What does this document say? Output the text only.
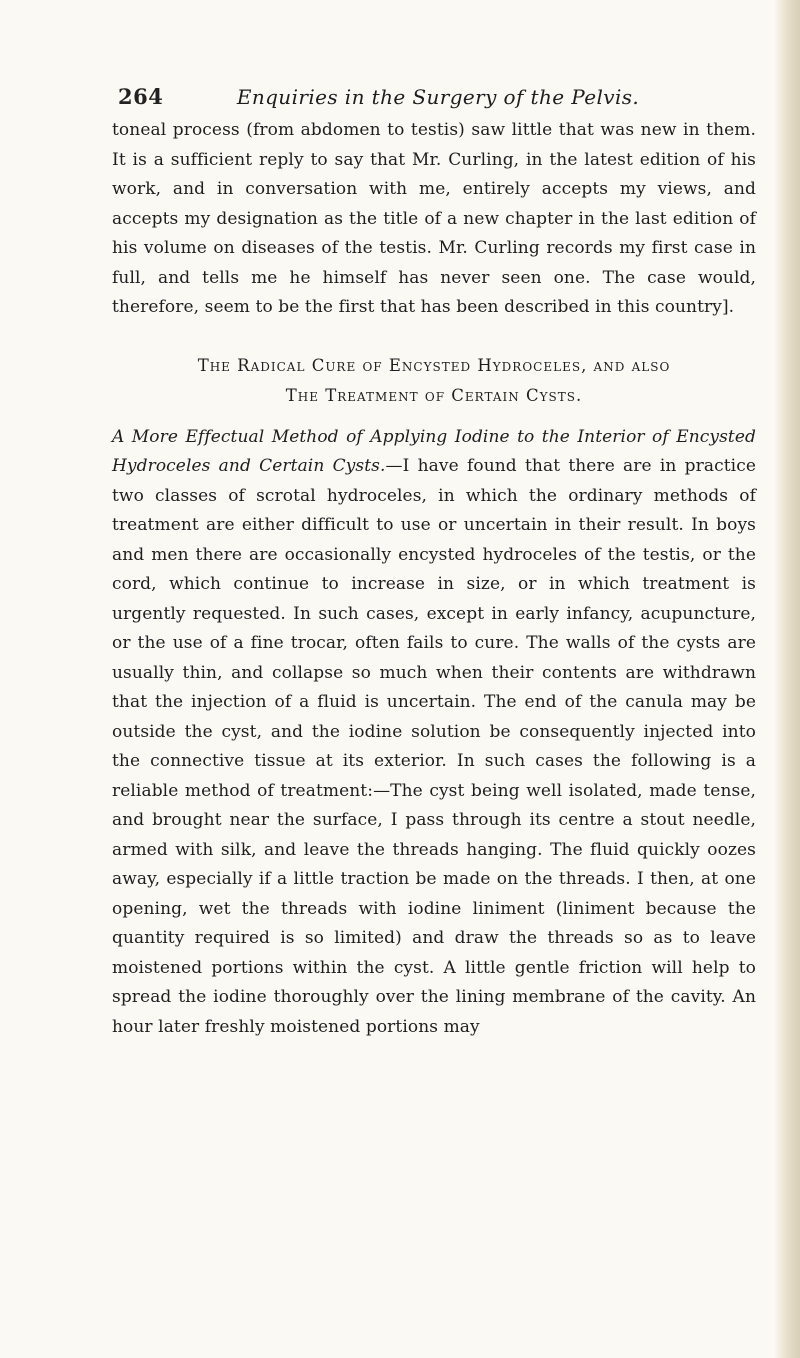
264	Enquiries in the Surgery of the Pelvis.

toneal process (from abdomen to testis) saw little that was new in them. It is a sufficient reply to say that Mr. Curling, in the latest edition of his work, and in conversation with me, entirely accepts my views, and accepts my designation as the title of a new chapter in the last edition of his volume on diseases of the testis. Mr. Curling records my first case in full, and tells me he himself has never seen one. The case would, therefore, seem to be the first that has been described in this country].

The Radical Cure of Encysted Hydroceles, and also
The Treatment of Certain Cysts.

A More Effectual Method of Applying Iodine to the Interior of Encysted Hydroceles and Certain Cysts.—I have found that there are in practice two classes of scrotal hydroceles, in which the ordinary methods of treatment are either difficult to use or uncertain in their result. In boys and men there are occasionally encysted hydroceles of the testis, or the cord, which continue to increase in size, or in which treatment is urgently requested. In such cases, except in early infancy, acupuncture, or the use of a fine trocar, often fails to cure. The walls of the cysts are usually thin, and collapse so much when their contents are withdrawn that the injection of a fluid is uncertain. The end of the canula may be outside the cyst, and the iodine solution be consequently injected into the connective tissue at its exterior. In such cases the following is a reliable method of treatment:—The cyst being well isolated, made tense, and brought near the surface, I pass through its centre a stout needle, armed with silk, and leave the threads hanging. The fluid quickly oozes away, especially if a little traction be made on the threads. I then, at one opening, wet the threads with iodine liniment (liniment because the quantity required is so limited) and draw the threads so as to leave moistened portions within the cyst. A little gentle friction will help to spread the iodine thoroughly over the lining membrane of the cavity. An hour later freshly moistened portions may
